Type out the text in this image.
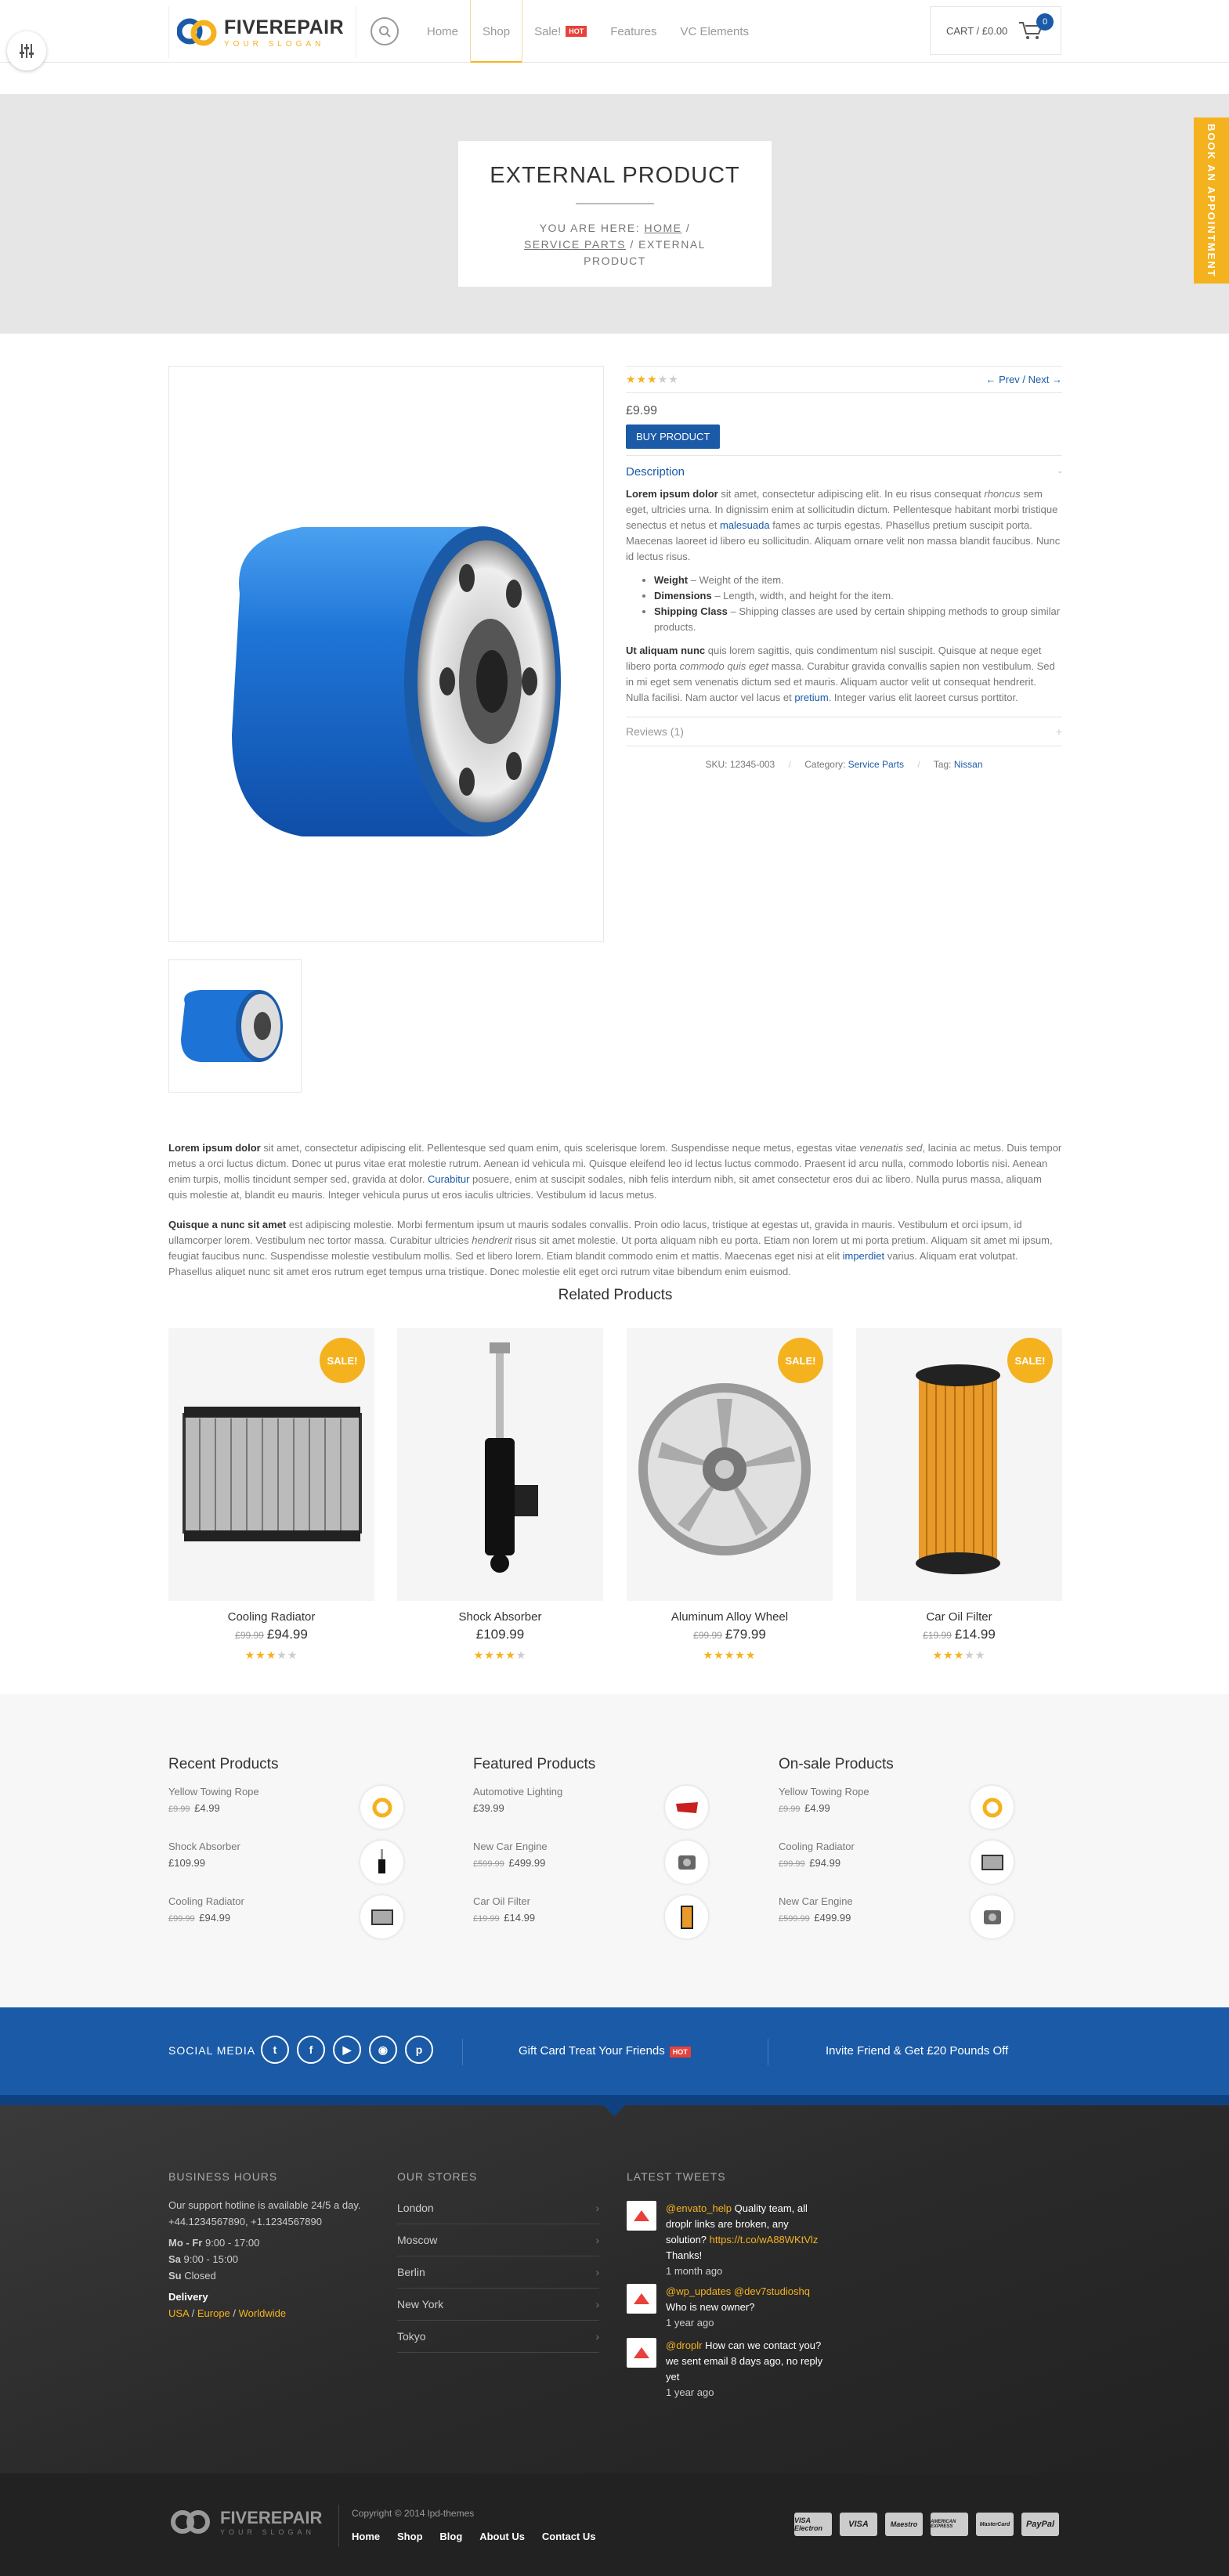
FIVEREPAIR
YOUR SLOGAN
Home Shop Sale!	HOT Features VC Elements	CART / £0.00
0
EXTERNAL PRODUCT
YOU ARE HERE: HOME / SERVICE PARTS / EXTERNAL PRODUCT	BOOK AN APPOINTMENT
★★★★★	← Prev / Next →
£9.99
BUY PRODUCT
Description	-

Lorem ipsum dolor sit amet, consectetur adipiscing elit. In eu risus consequat rhoncus sem eget, ultricies urna. In dignissim enim at sollicitudin dictum. Pellentesque habitant morbi tristique senectus et netus et malesuada fames ac turpis egestas. Phasellus pretium suscipit porta. Maecenas laoreet id libero eu sollicitudin. Aliquam ornare velit non massa blandit faucibus. Nunc id lectus risus.

• Weight – Weight of the item.
• Dimensions – Length, width, and height for the item.
• Shipping Class – Shipping classes are used by certain shipping methods to group similar products.

Ut aliquam nunc quis lorem sagittis, quis condimentum nisl suscipit. Quisque at neque eget libero porta commodo quis eget massa. Curabitur gravida convallis sapien non vestibulum. Sed in mi eget sem venenatis dictum sed et mauris. Aliquam auctor velit ut consequat hendrerit. Nulla facilisi. Nam auctor vel lacus et pretium. Integer varius elit laoreet cursus porttitor.

Reviews (1)	+
SKU: 12345-003 / Category: Service Parts / Tag: Nissan

Lorem ipsum dolor sit amet, consectetur adipiscing elit. Pellentesque sed quam enim, quis scelerisque lorem. Suspendisse neque metus, egestas vitae venenatis sed, lacinia ac metus. Duis tempor metus a orci luctus dictum. Donec ut purus vitae erat molestie rutrum. Aenean id vehicula mi. Quisque eleifend leo id lectus luctus commodo. Praesent id arcu nulla, commodo lobortis nisi. Aenean enim turpis, mollis tincidunt semper sed, gravida at dolor. Curabitur posuere, enim at suscipit sodales, nibh felis interdum nibh, sit amet consectetur eros dui ac libero. Nulla purus massa, aliquam quis molestie at, blandit eu mauris. Integer vehicula purus ut eros iaculis ultricies. Vestibulum id lacus metus.

Quisque a nunc sit amet est adipiscing molestie. Morbi fermentum ipsum ut mauris sodales convallis. Proin odio lacus, tristique at egestas ut, gravida in mauris. Vestibulum et orci ipsum, id ullamcorper lorem. Vestibulum nec tortor massa. Curabitur ultricies hendrerit risus sit amet molestie. Ut porta aliquam nibh eu porta. Etiam non lorem ut mi porta pretium. Aliquam sit amet mi ipsum, feugiat faucibus nunc. Suspendisse molestie vestibulum mollis. Sed et libero lorem. Etiam blandit commodo enim et mattis. Maecenas eget nisi at elit imperdiet varius. Aliquam erat volutpat. Phasellus aliquet nunc sit amet eros rutrum eget tempus urna tristique. Donec molestie elit eget orci rutrum vitae bibendum enim euismod.

Related Products
SALE!
Cooling Radiator
£99.99 £94.99
★★★★★
Shock Absorber
£109.99
★★★★★
SALE!
Aluminum Alloy Wheel
£99.99 £79.99
★★★★★
SALE!
Car Oil Filter
£19.99 £14.99
★★★★★
Recent Products
Yellow Towing Rope
£9.99 £4.99
Shock Absorber
£109.99
Cooling Radiator
£99.99 £94.99
Featured Products
Automotive Lighting
£39.99
New Car Engine
£599.99 £499.99
Car Oil Filter
£19.99 £14.99
On-sale Products
Yellow Towing Rope
£9.99 £4.99
Cooling Radiator
£99.99 £94.99
New Car Engine
£599.99 £499.99
SOCIAL MEDIA	t	f	▶	◉	p	Gift Card Treat Your Friends HOT	Invite Friend & Get £20 Pounds Off
BUSINESS HOURS
Our support hotline is available 24/5 a day.
+44.1234567890, +1.1234567890
Mo - Fr 9:00 - 17:00
Sa 9:00 - 15:00
Su Closed
Delivery
USA / Europe / Worldwide
OUR STORES
London	›
Moscow	›
Berlin	›
New York	›
Tokyo	›
LATEST TWEETS
@envato_help Quality team, all droplr links are broken, any solution? https://t.co/wA88WKtVlz
Thanks!
1 month ago
@wp_updates @dev7studiosh​q
Who is new owner?
1 year ago
@droplr How can we contact you? we sent email 8 days ago, no reply yet
1 year ago
FIVEREPAIR
YOUR SLOGAN
Copyright © 2014 lpd-themes
Home Shop Blog About Us Contact Us
VISA Electron	VISA	Maestro	AMERICAN EXPRESS	MasterCard	PayPal
